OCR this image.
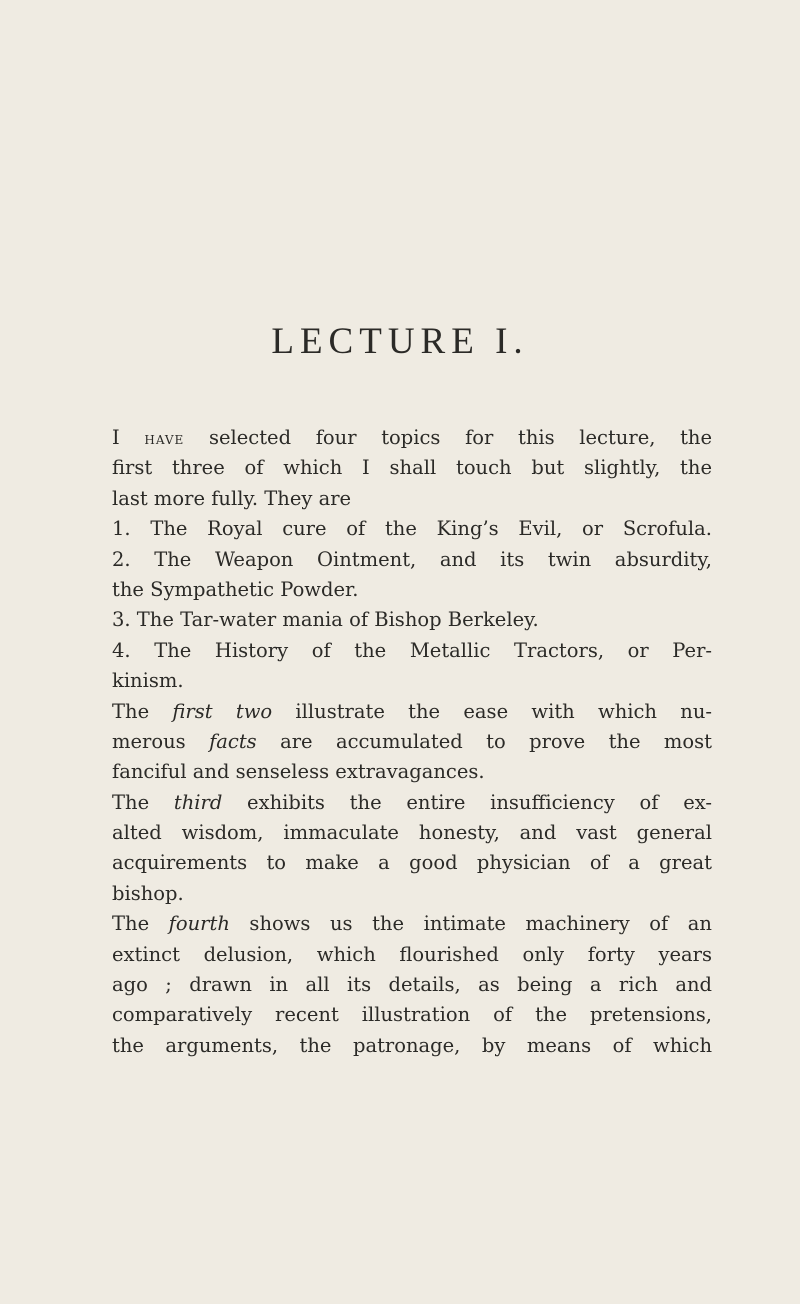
LECTURE I.
I have selected four topics for this lecture, the
first three of which I shall touch but slightly, the
last more fully. They are
1. The Royal cure of the King’s Evil, or Scrofula.
2. The Weapon Ointment, and its twin absurdity,
the Sympathetic Powder.
3. The Tar-water mania of Bishop Berkeley.
4. The History of the Metallic Tractors, or Per-
kinism.
The first two illustrate the ease with which nu-
merous facts are accumulated to prove the most
fanciful and senseless extravagances.
The third exhibits the entire insufficiency of ex-
alted wisdom, immaculate honesty, and vast general
acquirements to make a good physician of a great
bishop.
The fourth shows us the intimate machinery of an
extinct delusion, which flourished only forty years
ago ; drawn in all its details, as being a rich and
comparatively recent illustration of the pretensions,
the arguments, the patronage, by means of which
